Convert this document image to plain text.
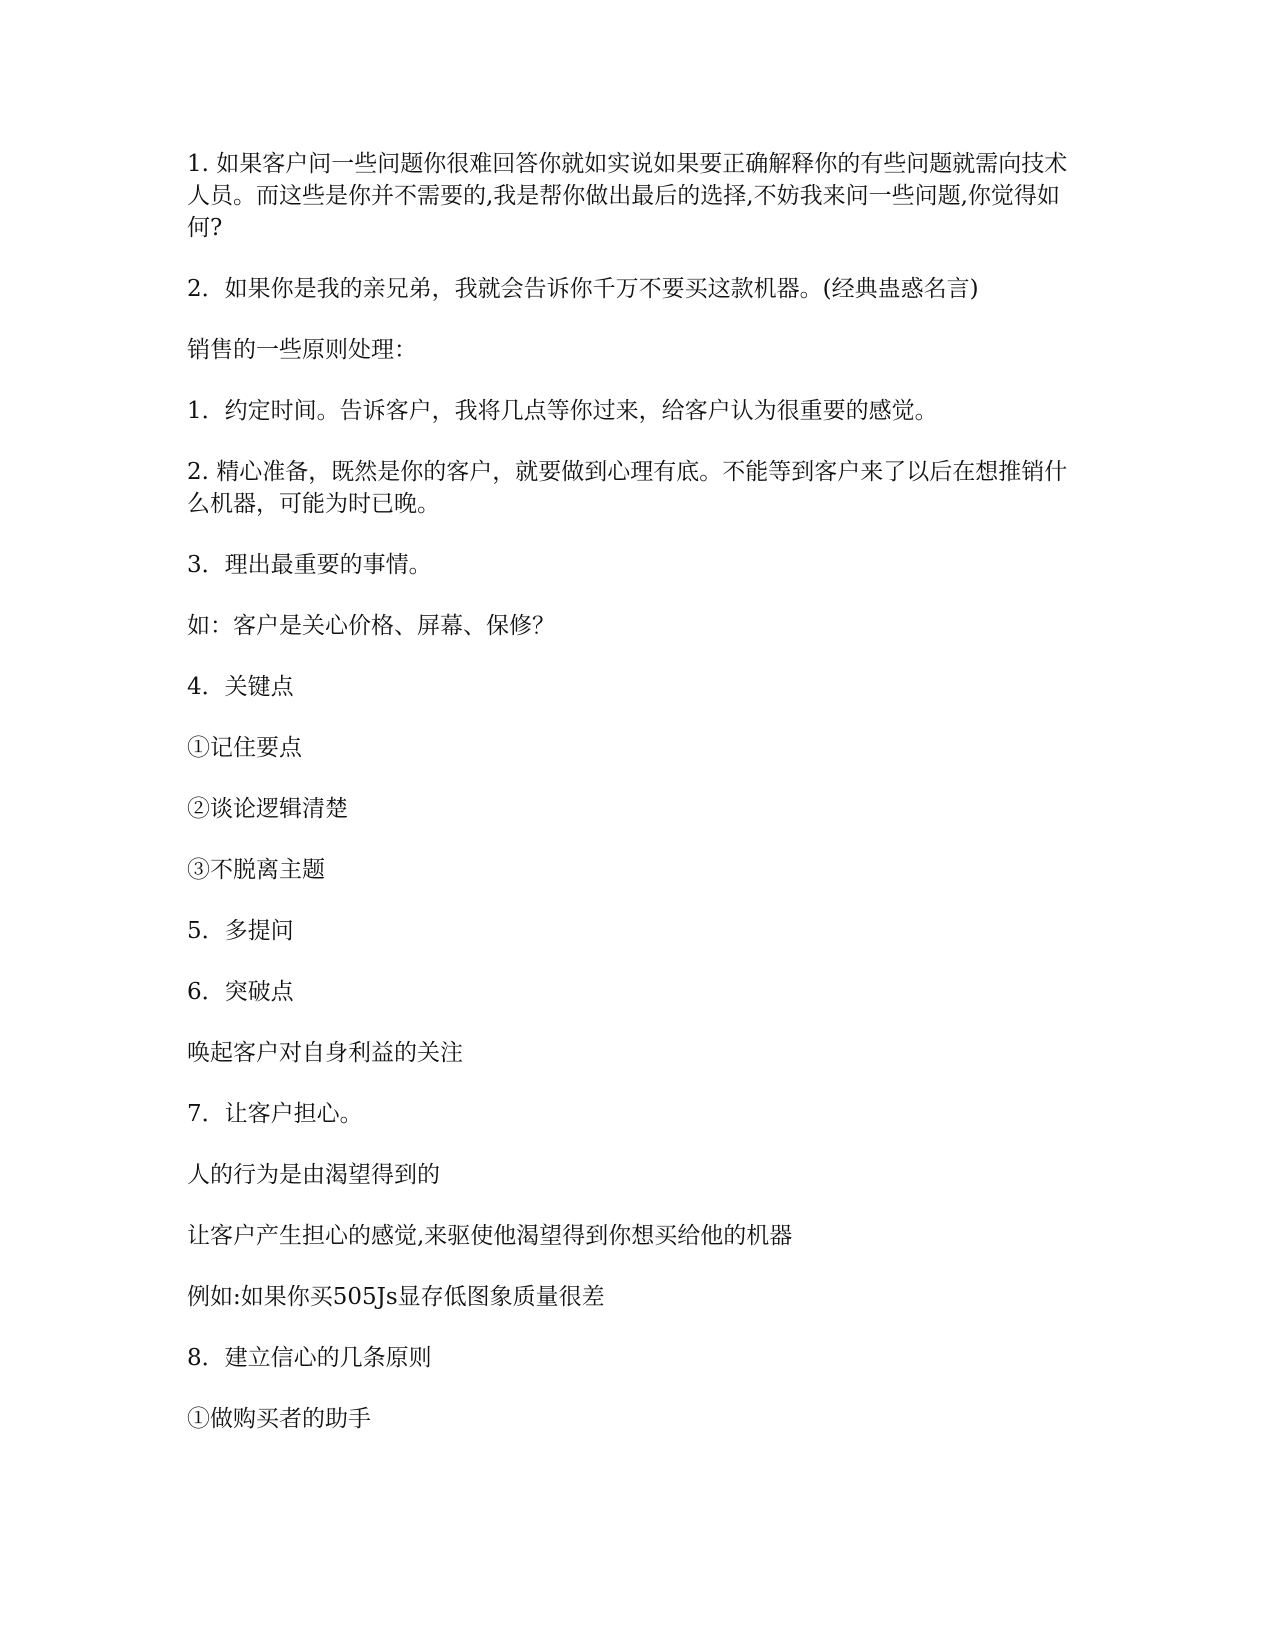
1. 如果客户问一些问题你很难回答你就如实说如果要正确解释你的有些问题就需向技术人员。而这些是你并不需要的,我是帮你做出最后的选择,不妨我来问一些问题,你觉得如何?

2．如果你是我的亲兄弟，我就会告诉你千万不要买这款机器。(经典蛊惑名言)

销售的一些原则处理：

1．约定时间。告诉客户，我将几点等你过来，给客户认为很重要的感觉。

2. 精心准备，既然是你的客户，就要做到心理有底。不能等到客户来了以后在想推销什么机器，可能为时已晚。

3．理出最重要的事情。

如：客户是关心价格、屏幕、保修？

4．关键点

①记住要点

②谈论逻辑清楚

③不脱离主题

5．多提问

6．突破点

唤起客户对自身利益的关注

7．让客户担心。

人的行为是由渴望得到的

让客户产生担心的感觉,来驱使他渴望得到你想买给他的机器

例如:如果你买505Js显存低图象质量很差

8．建立信心的几条原则

①做购买者的助手
